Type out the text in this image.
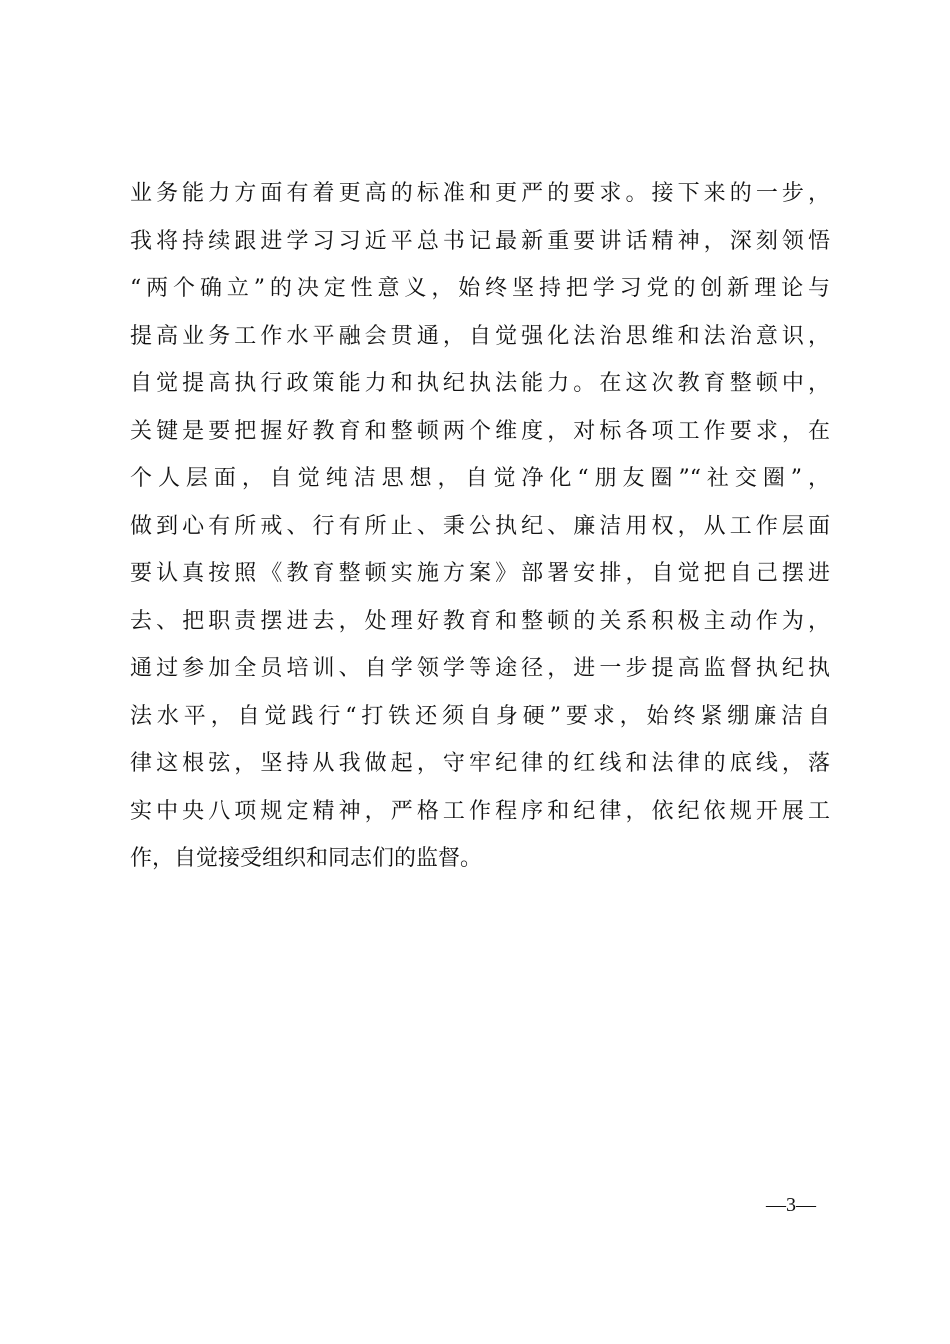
业务能力方面有着更高的标准和更严的要求。接下来的一步，
我将持续跟进学习习近平总书记最新重要讲话精神，深刻领悟
“两个确立”的决定性意义，始终坚持把学习党的创新理论与
提高业务工作水平融会贯通，自觉强化法治思维和法治意识，
自觉提高执行政策能力和执纪执法能力。在这次教育整顿中，
关键是要把握好教育和整顿两个维度，对标各项工作要求，在
个人层面，自觉纯洁思想，自觉净化“朋友圈”“社交圈”，
做到心有所戒、行有所止、秉公执纪、廉洁用权，从工作层面
要认真按照《教育整顿实施方案》部署安排，自觉把自己摆进
去、把职责摆进去，处理好教育和整顿的关系积极主动作为，
通过参加全员培训、自学领学等途径，进一步提高监督执纪执
法水平，自觉践行“打铁还须自身硬”要求，始终紧绷廉洁自
律这根弦，坚持从我做起，守牢纪律的红线和法律的底线，落
实中央八项规定精神，严格工作程序和纪律，依纪依规开展工
作，自觉接受组织和同志们的监督。
—3—
